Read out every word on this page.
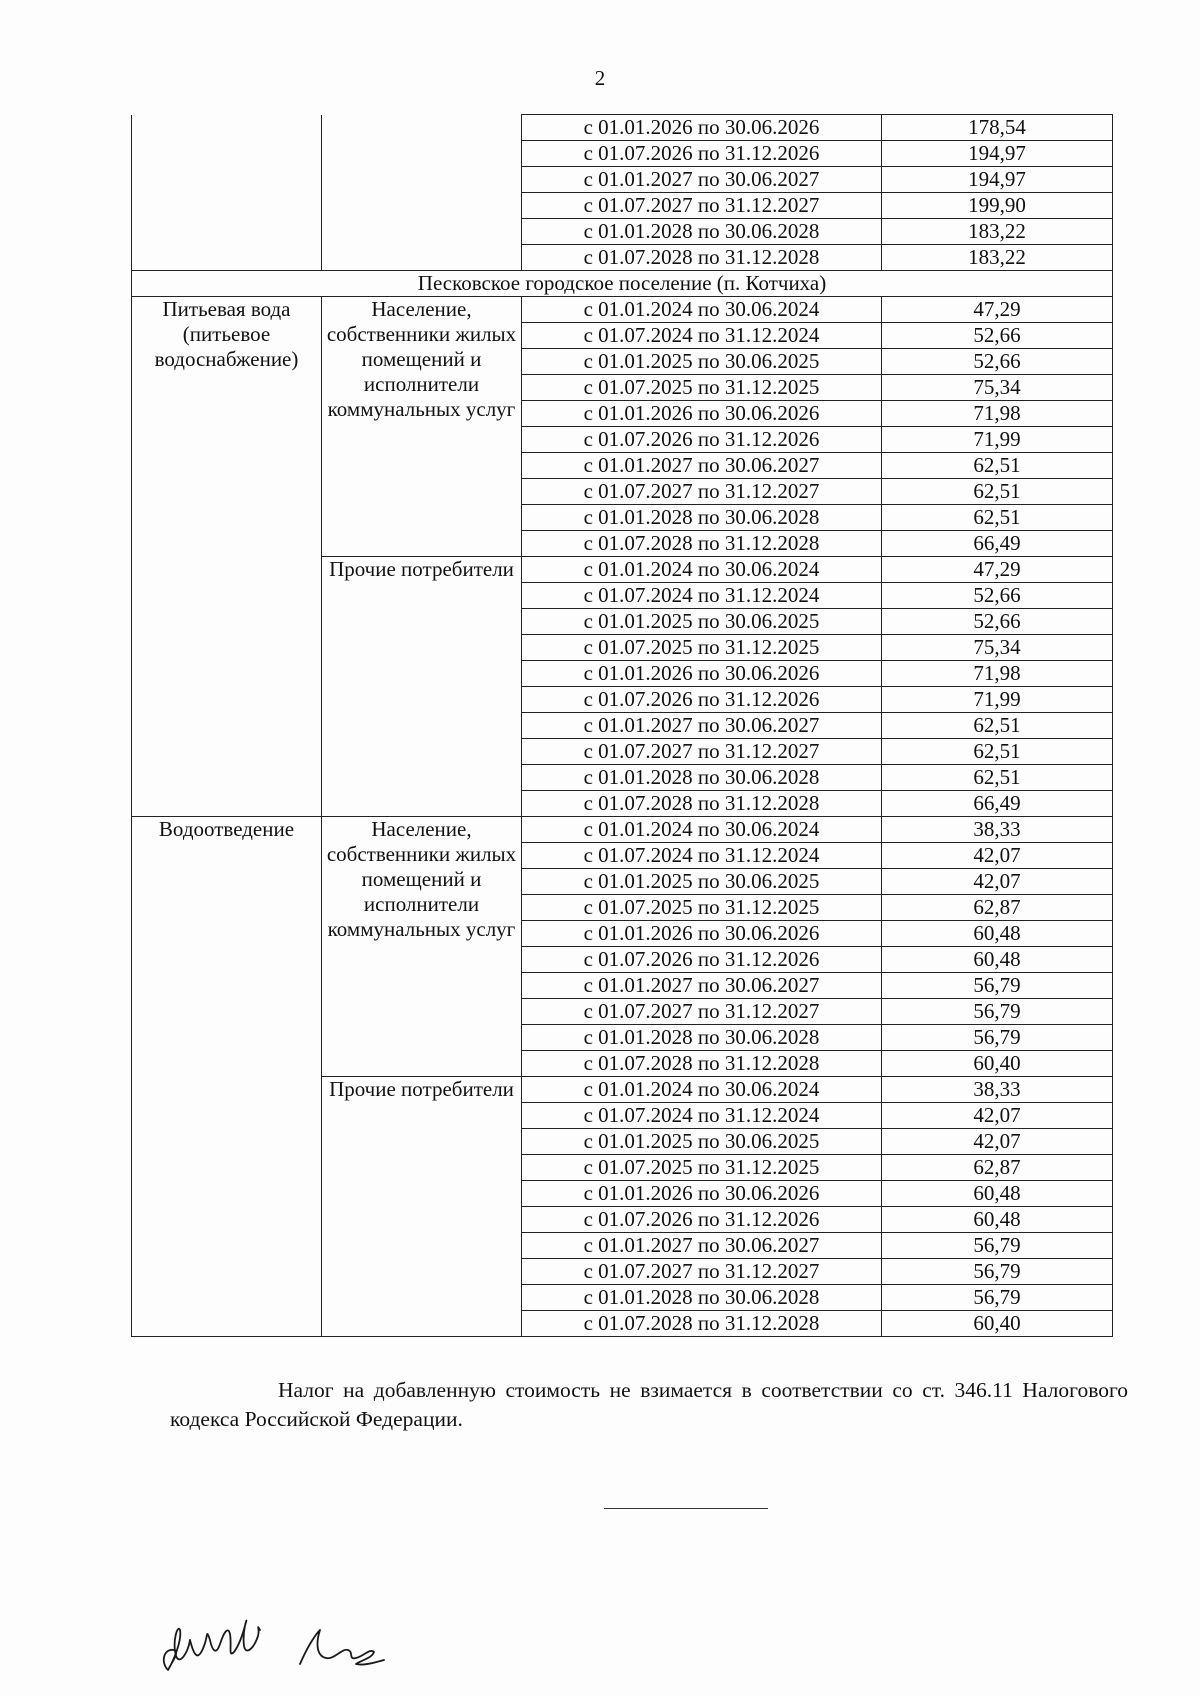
2
		с 01.01.2026 по 30.06.2026	178,54
		с 01.07.2026 по 31.12.2026	194,97
		с 01.01.2027 по 30.06.2027	194,97
		с 01.07.2027 по 31.12.2027	199,90
		с 01.01.2028 по 30.06.2028	183,22
		с 01.07.2028 по 31.12.2028	183,22
Песковское городское поселение (п. Котчиха)			
Питьевая вода (питьевое водоснабжение)	Население, собственники жилых помещений и исполнители коммунальных услуг	с 01.01.2024 по 30.06.2024	47,29
		с 01.07.2024 по 31.12.2024	52,66
		с 01.01.2025 по 30.06.2025	52,66
		с 01.07.2025 по 31.12.2025	75,34
		с 01.01.2026 по 30.06.2026	71,98
		с 01.07.2026 по 31.12.2026	71,99
		с 01.01.2027 по 30.06.2027	62,51
		с 01.07.2027 по 31.12.2027	62,51
		с 01.01.2028 по 30.06.2028	62,51
		с 01.07.2028 по 31.12.2028	66,49
	Прочие потребители	с 01.01.2024 по 30.06.2024	47,29
		с 01.07.2024 по 31.12.2024	52,66
		с 01.01.2025 по 30.06.2025	52,66
		с 01.07.2025 по 31.12.2025	75,34
		с 01.01.2026 по 30.06.2026	71,98
		с 01.07.2026 по 31.12.2026	71,99
		с 01.01.2027 по 30.06.2027	62,51
		с 01.07.2027 по 31.12.2027	62,51
		с 01.01.2028 по 30.06.2028	62,51
		с 01.07.2028 по 31.12.2028	66,49
Водоотведение	Население, собственники жилых помещений и исполнители коммунальных услуг	с 01.01.2024 по 30.06.2024	38,33
		с 01.07.2024 по 31.12.2024	42,07
		с 01.01.2025 по 30.06.2025	42,07
		с 01.07.2025 по 31.12.2025	62,87
		с 01.01.2026 по 30.06.2026	60,48
		с 01.07.2026 по 31.12.2026	60,48
		с 01.01.2027 по 30.06.2027	56,79
		с 01.07.2027 по 31.12.2027	56,79
		с 01.01.2028 по 30.06.2028	56,79
		с 01.07.2028 по 31.12.2028	60,40
	Прочие потребители	с 01.01.2024 по 30.06.2024	38,33
		с 01.07.2024 по 31.12.2024	42,07
		с 01.01.2025 по 30.06.2025	42,07
		с 01.07.2025 по 31.12.2025	62,87
		с 01.01.2026 по 30.06.2026	60,48
		с 01.07.2026 по 31.12.2026	60,48
		с 01.01.2027 по 30.06.2027	56,79
		с 01.07.2027 по 31.12.2027	56,79
		с 01.01.2028 по 30.06.2028	56,79
		с 01.07.2028 по 31.12.2028	60,40
Налог на добавленную стоимость не взимается в соответствии со ст. 346.11 Налогового кодекса Российской Федерации.
